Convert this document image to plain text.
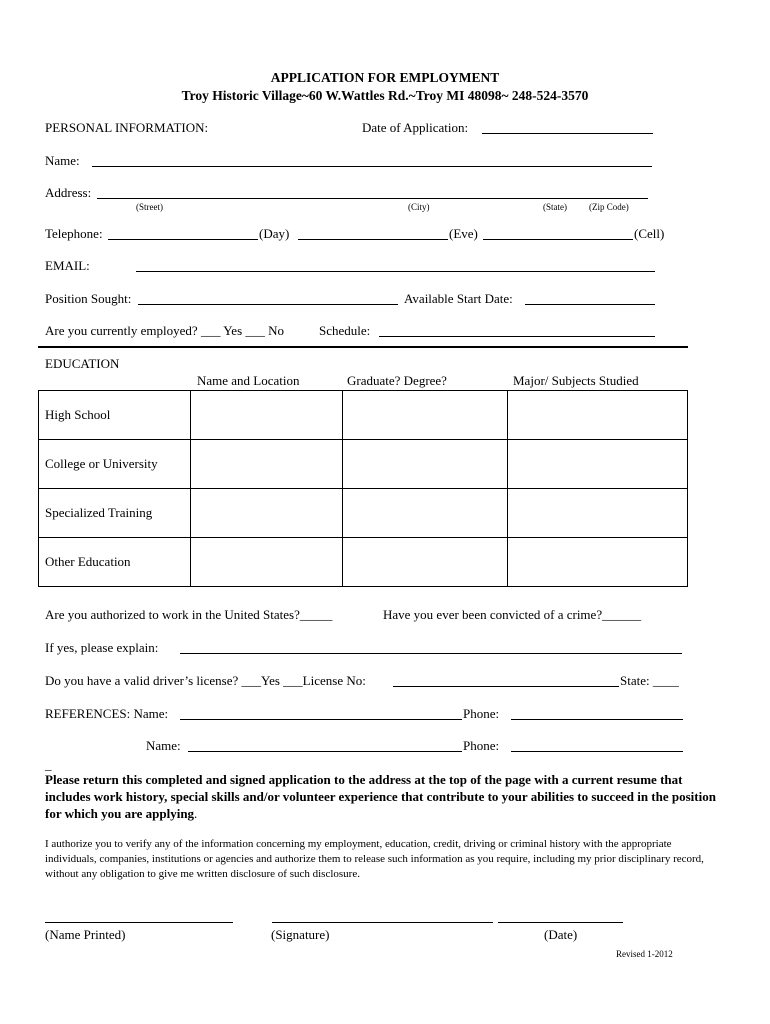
APPLICATION FOR EMPLOYMENT
Troy Historic Village~60 W.Wattles Rd.~Troy MI 48098~ 248-524-3570
PERSONAL INFORMATION:	Date of Application:
Name:
Address:
(Street)	(City)	(State) (Zip Code)
Telephone:	(Day)	(Eve)	(Cell)
EMAIL:
Position Sought:	Available Start Date:
Are you currently employed? ___ Yes ___ No	Schedule:
EDUCATION
Name and Location	Graduate? Degree?	Major/ Subjects Studied
High School			
College or University			
Specialized Training			
Other Education			
Are you authorized to work in the United States?_____	Have you ever been convicted of a crime?______
If yes, please explain:
Do you have a valid driver’s license? ___Yes ___License No:	State: ____
REFERENCES: Name:	Phone:
Name:	Phone:
_
Please return this completed and signed application to the address at the top of the page with a current resume that includes work history, special skills and/or volunteer experience that contribute to your abilities to succeed in the position for which you are applying.
I authorize you to verify any of the information concerning my employment, education, credit, driving or criminal history with the appropriate individuals, companies, institutions or agencies and authorize them to release such information as you require, including my prior disciplinary record, without any obligation to give me written disclosure of such disclosure.
(Name Printed)	(Signature)	(Date)
Revised 1-2012
